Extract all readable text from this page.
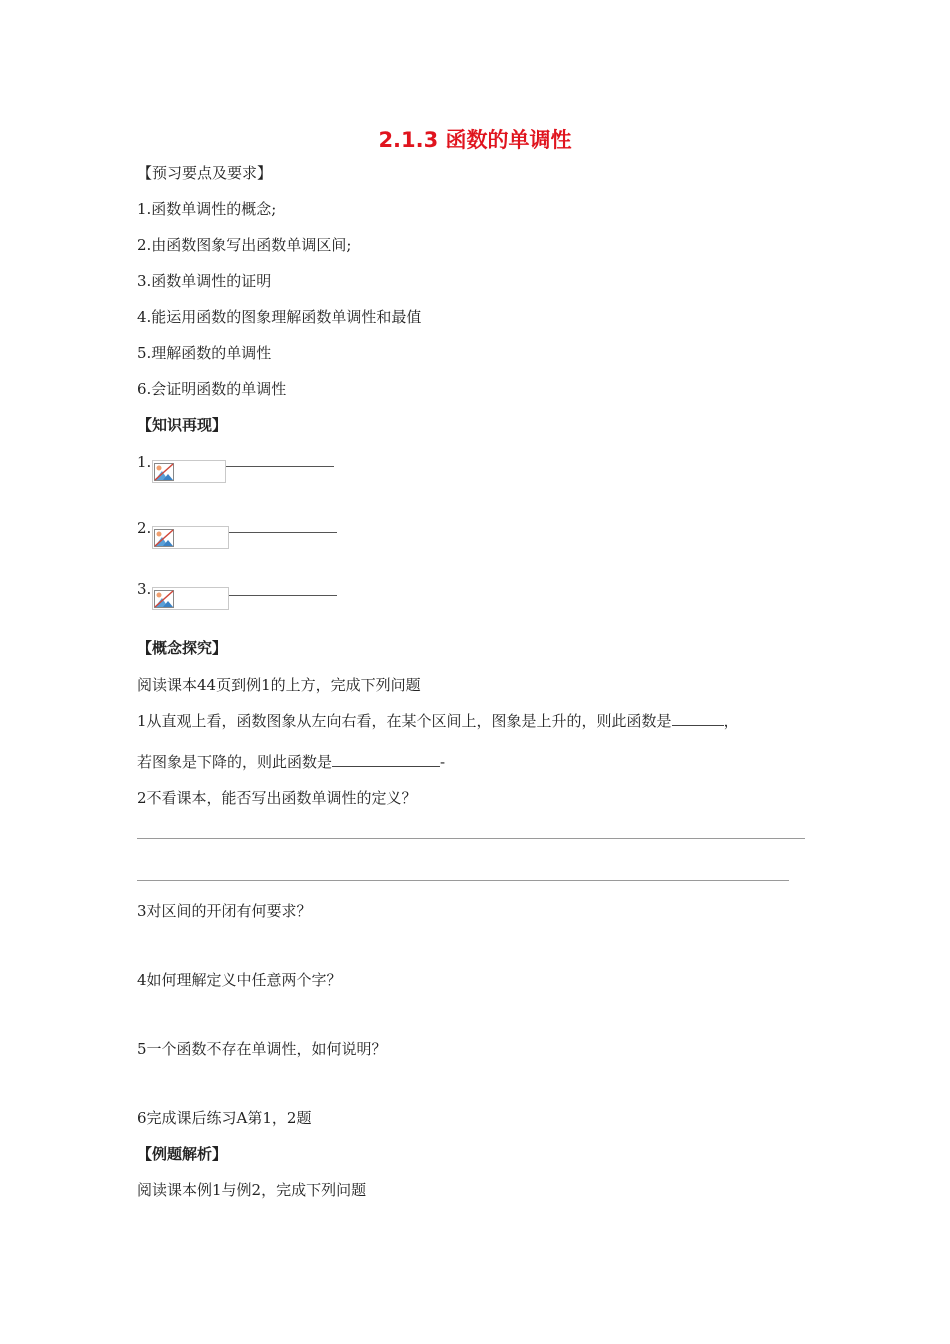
2.1.3 函数的单调性
【预习要点及要求】
1.函数单调性的概念;
2.由函数图象写出函数单调区间;
3.函数单调性的证明
4.能运用函数的图象理解函数单调性和最值
5.理解函数的单调性
6.会证明函数的单调性
【知识再现】
1.
2.
3.
【概念探究】
阅读课本44页到例1的上方，完成下列问题
1从直观上看，函数图象从左向右看，在某个区间上，图象是上升的，则此函数是	，
若图象是下降的，则此函数是	-
2不看课本，能否写出函数单调性的定义？
3对区间的开闭有何要求？
4如何理解定义中任意两个字？
5一个函数不存在单调性，如何说明？
6完成课后练习A第1，2题
【例题解析】
阅读课本例1与例2，完成下列问题
